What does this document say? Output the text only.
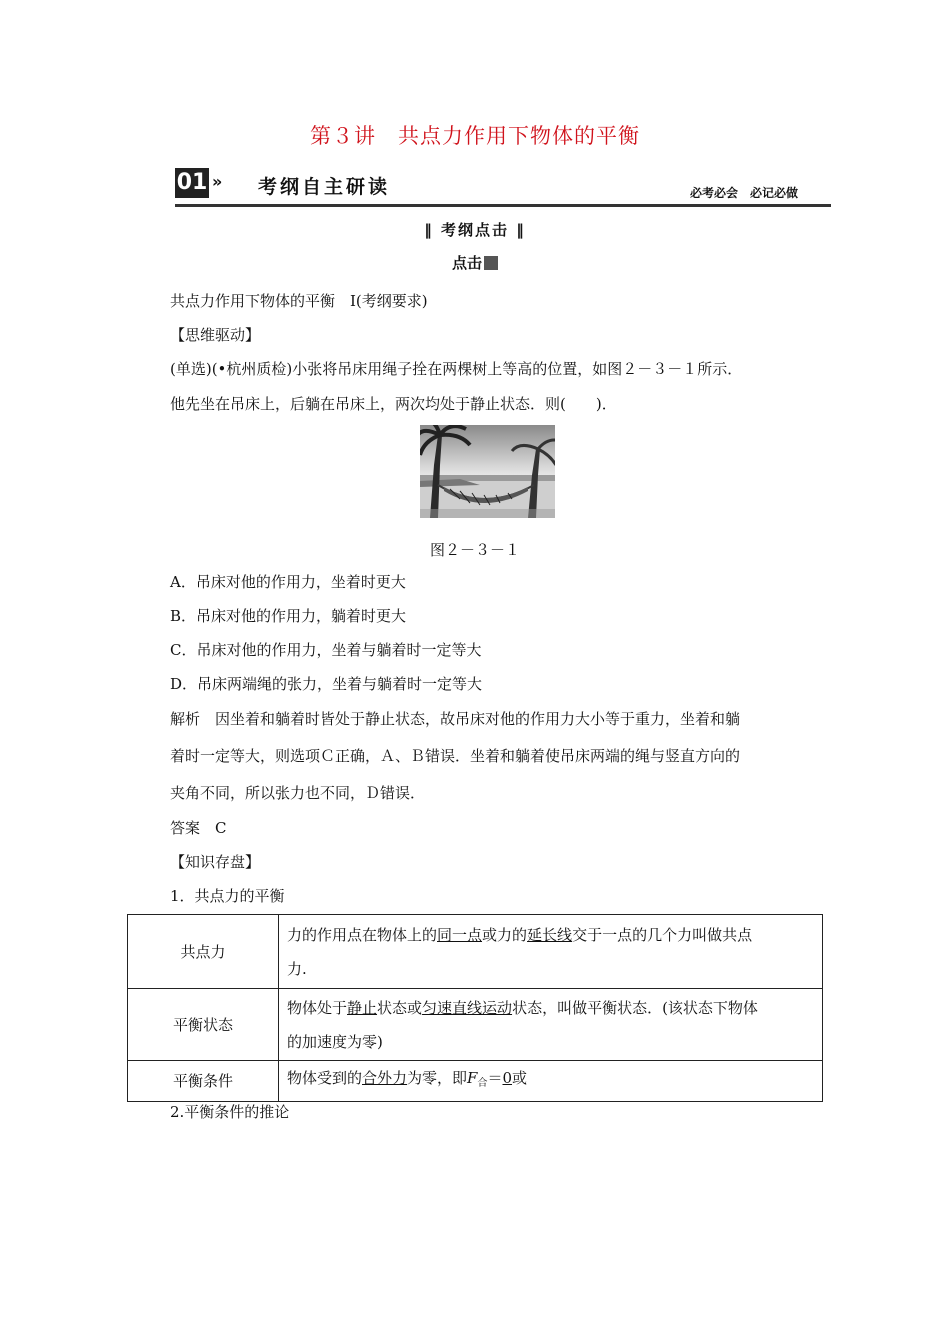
第３讲　共点力作用下物体的平衡
01 » 考纲自主研读	必考必会　必记必做
‖ 考纲点击 ‖
点击
共点力作用下物体的平衡　Ⅰ(考纲要求)
【思维驱动】
(单选)(•杭州质检)小张将吊床用绳子拴在两棵树上等高的位置，如图２－３－１所示．
他先坐在吊床上，后躺在吊床上，两次均处于静止状态．则(　　)．
图２－３－１
A．吊床对他的作用力，坐着时更大
B．吊床对他的作用力，躺着时更大
C．吊床对他的作用力，坐着与躺着时一定等大
D．吊床两端绳的张力，坐着与躺着时一定等大
解析　因坐着和躺着时皆处于静止状态，故吊床对他的作用力大小等于重力，坐着和躺
着时一定等大，则选项Ｃ正确，Ａ、Ｂ错误．坐着和躺着使吊床两端的绳与竖直方向的
夹角不同，所以张力也不同，Ｄ错误．
答案　C
【知识存盘】
1．共点力的平衡
共点力	力的作用点在物体上的同一点或力的延长线交于一点的几个力叫做共点
力.
平衡状态	物体处于静止状态或匀速直线运动状态，叫做平衡状态．(该状态下物体
的加速度为零)
平衡条件	物体受到的合外力为零，即$F_合=0$或
2.平衡条件的推论
